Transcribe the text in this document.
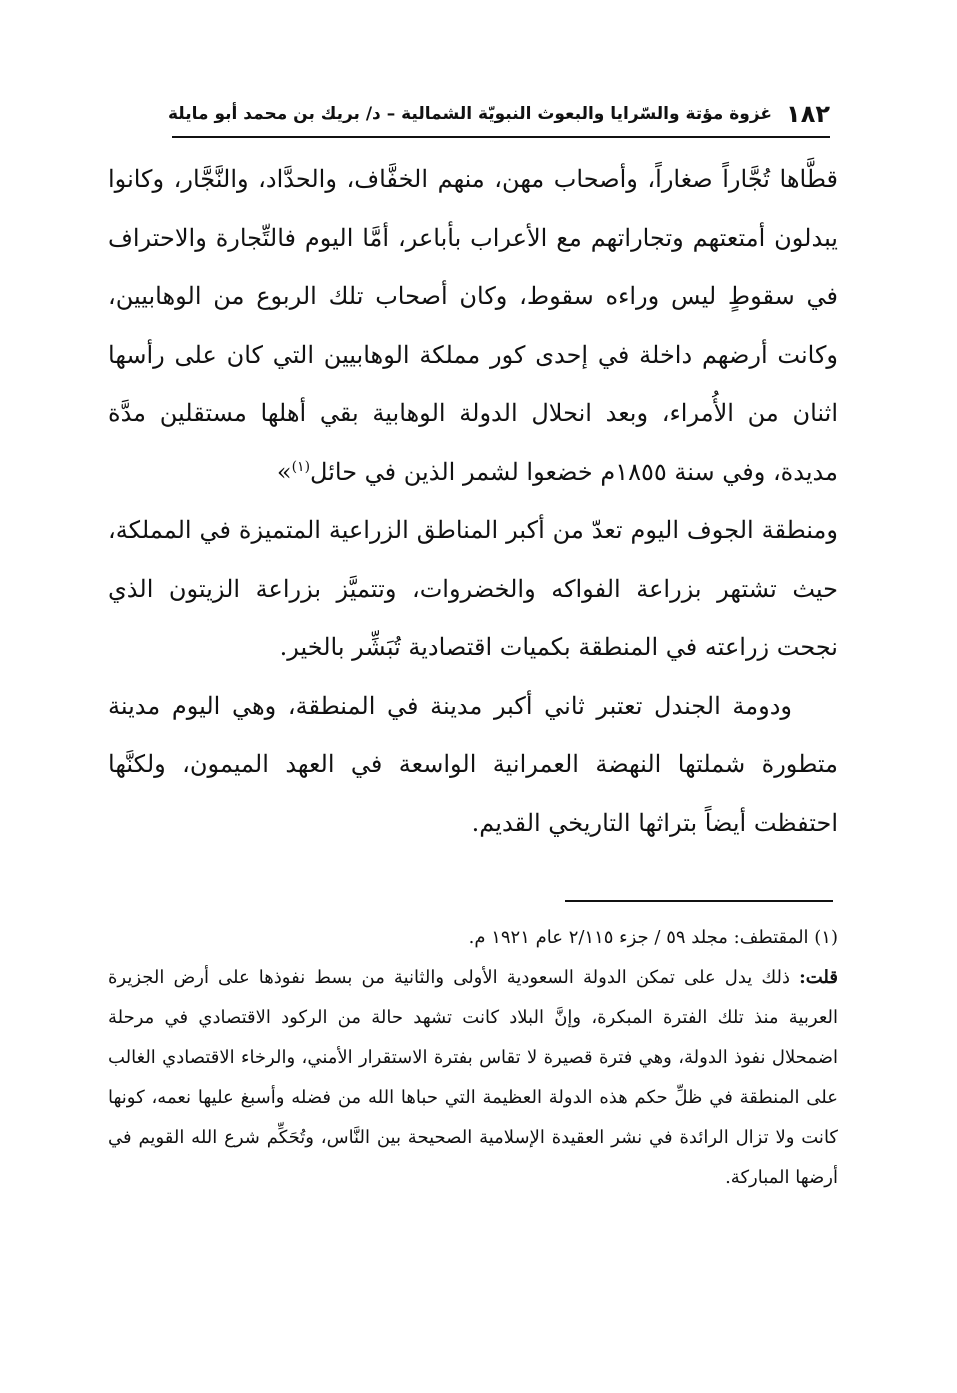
١٨٢
غزوة مؤتة والسّرايا والبعوث النبويّة الشمالية – د/ بريك بن محمد أبو مايلة

قطَّاها تُجَّاراً صغاراً، وأصحاب مهن، منهم الخفَّاف، والحدَّاد، والنَّجَّار، وكانوا يبدلون أمتعتهم وتجاراتهم مع الأعراب بأباعر، أمَّا اليوم فالتِّجارة والاحتراف في سقوطٍ ليس وراءه سقوط، وكان أصحاب تلك الربوع من الوهابيين، وكانت أرضهم داخلة في إحدى كور مملكة الوهابيين التي كان على رأسها اثنان من الأُمراء، وبعد انحلال الدولة الوهابية بقي أهلها مستقلين مدَّة مديدة، وفي سنة ١٨٥٥م خضعوا لشمر الذين في حائل$^{(١)}$»

ومنطقة الجوف اليوم تعدّ من أكبر المناطق الزراعية المتميزة في المملكة، حيث تشتهر بزراعة الفواكه والخضروات، وتتميَّز بزراعة الزيتون الذي نجحت زراعته في المنطقة بكميات اقتصادية تُبَشِّر بالخير.

ودومة الجندل تعتبر ثاني أكبر مدينة في المنطقة، وهي اليوم مدينة متطورة شملتها النهضة العمرانية الواسعة في العهد الميمون، ولكنَّها احتفظت أيضاً بتراثها التاريخي القديم.

(١) المقتطف: مجلد ٥٩ / جزء ٢/١١٥ عام ١٩٢١ م.

قلت: ذلك يدل على تمكن الدولة السعودية الأولى والثانية من بسط نفوذها على أرض الجزيرة العربية منذ تلك الفترة المبكرة، وإنَّ البلاد كانت تشهد حالة من الركود الاقتصادي في مرحلة اضمحلال نفوذ الدولة، وهي فترة قصيرة لا تقاس بفترة الاستقرار الأمني، والرخاء الاقتصادي الغالب على المنطقة في ظلِّ حكم هذه الدولة العظيمة التي حباها الله من فضله وأسبغ عليها نعمه، كونها كانت ولا تزال الرائدة في نشر العقيدة الإسلامية الصحيحة بين النَّاس، وتُحَكِّم شرع الله القويم في أرضها المباركة.
